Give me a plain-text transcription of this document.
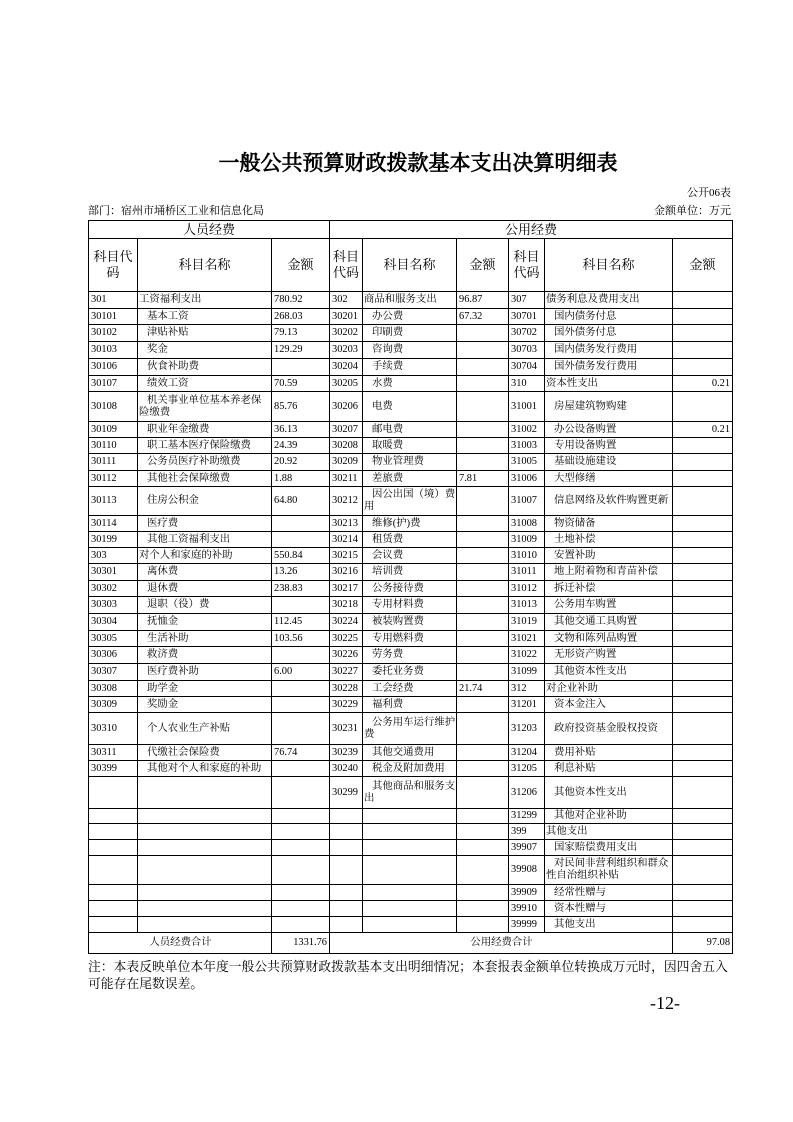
一般公共预算财政拨款基本支出决算明细表
公开06表
部门：宿州市埇桥区工业和信息化局	金额单位：万元
人员经费			公用经费					
科目代码	科目名称	金额	科目代码	科目名称	金额	科目代码	科目名称	金额
301	工资福利支出	780.92	302	商品和服务支出	96.87	307	债务利息及费用支出	
30101	基本工资	268.03	30201	办公费	67.32	30701	国内债务付息	
30102	津贴补贴	79.13	30202	印刷费		30702	国外债务付息	
30103	奖金	129.29	30203	咨询费		30703	国内债务发行费用	
30106	伙食补助费		30204	手续费		30704	国外债务发行费用	
30107	绩效工资	70.59	30205	水费		310	资本性支出	0.21
30108	机关事业单位基本养老保险缴费	85.76	30206	电费		31001	房屋建筑物购建	
30109	职业年金缴费	36.13	30207	邮电费		31002	办公设备购置	0.21
30110	职工基本医疗保险缴费	24.39	30208	取暖费		31003	专用设备购置	
30111	公务员医疗补助缴费	20.92	30209	物业管理费		31005	基础设施建设	
30112	其他社会保障缴费	1.88	30211	差旅费	7.81	31006	大型修缮	
30113	住房公积金	64.80	30212	因公出国（境）费用		31007	信息网络及软件购置更新	
30114	医疗费		30213	维修(护)费		31008	物资储备	
30199	其他工资福利支出		30214	租赁费		31009	土地补偿	
303	对个人和家庭的补助	550.84	30215	会议费		31010	安置补助	
30301	离休费	13.26	30216	培训费		31011	地上附着物和青苗补偿	
30302	退休费	238.83	30217	公务接待费		31012	拆迁补偿	
30303	退职（役）费		30218	专用材料费		31013	公务用车购置	
30304	抚恤金	112.45	30224	被装购置费		31019	其他交通工具购置	
30305	生活补助	103.56	30225	专用燃料费		31021	文物和陈列品购置	
30306	救济费		30226	劳务费		31022	无形资产购置	
30307	医疗费补助	6.00	30227	委托业务费		31099	其他资本性支出	
30308	助学金		30228	工会经费	21.74	312	对企业补助	
30309	奖励金		30229	福利费		31201	资本金注入	
30310	个人农业生产补贴		30231	公务用车运行维护费		31203	政府投资基金股权投资	
30311	代缴社会保险费	76.74	30239	其他交通费用		31204	费用补贴	
30399	其他对个人和家庭的补助		30240	税金及附加费用		31205	利息补贴	
			30299	其他商品和服务支出		31206	其他资本性支出	
						31299	其他对企业补助	
						399	其他支出	
						39907	国家赔偿费用支出	
						39908	对民间非营利组织和群众性自治组织补贴	
						39909	经常性赠与	
						39910	资本性赠与	
						39999	其他支出	
人员经费合计		1331.76	公用经费合计					97.08
注：本表反映单位本年度一般公共预算财政拨款基本支出明细情况；本套报表金额单位转换成万元时，因四舍五入可能存在尾数误差。
-12-
